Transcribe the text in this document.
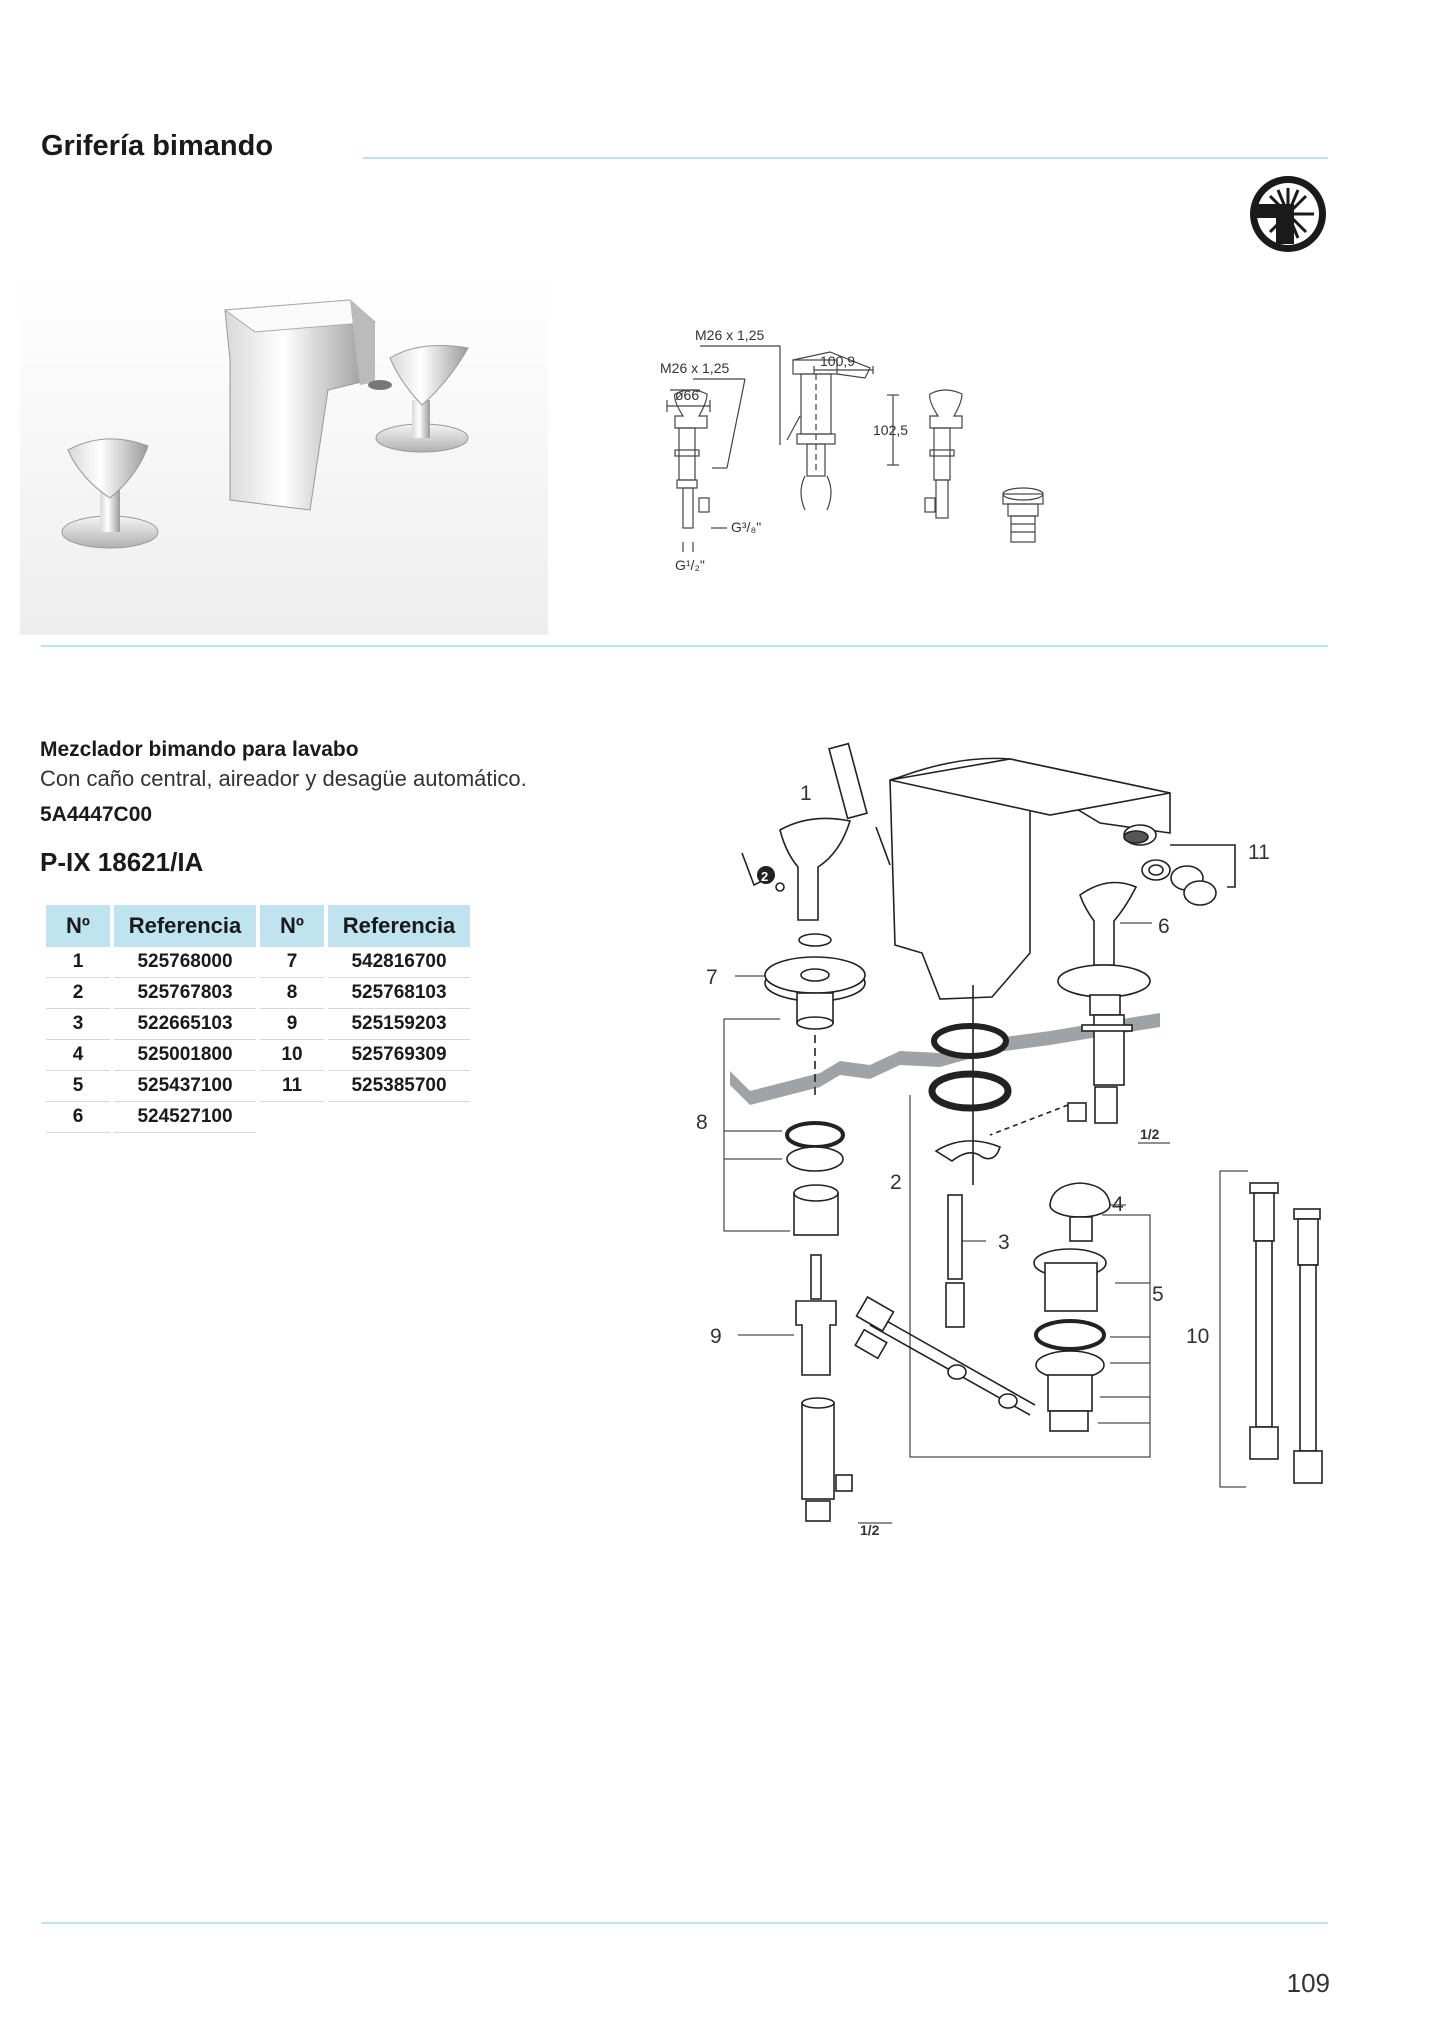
Grifería bimando
M26 x 1,25
M26 x 1,25
ø66
100,9
102,5
G³/₈"
G¹/₂"
Mezclador bimando para lavabo
Con caño central, aireador y desagüe automático.
5A4447C00
P-IX 18621/IA
Nº	Referencia	Nº	Referencia
1	525768000	7	542816700
2	525767803	8	525768103
3	522665103	9	525159203
4	525001800	10	525769309
5	525437100	11	525385700
6	524527100		
2
1
2
3
4
5
6
7
8
9	10
11
1/2
1/2
109
